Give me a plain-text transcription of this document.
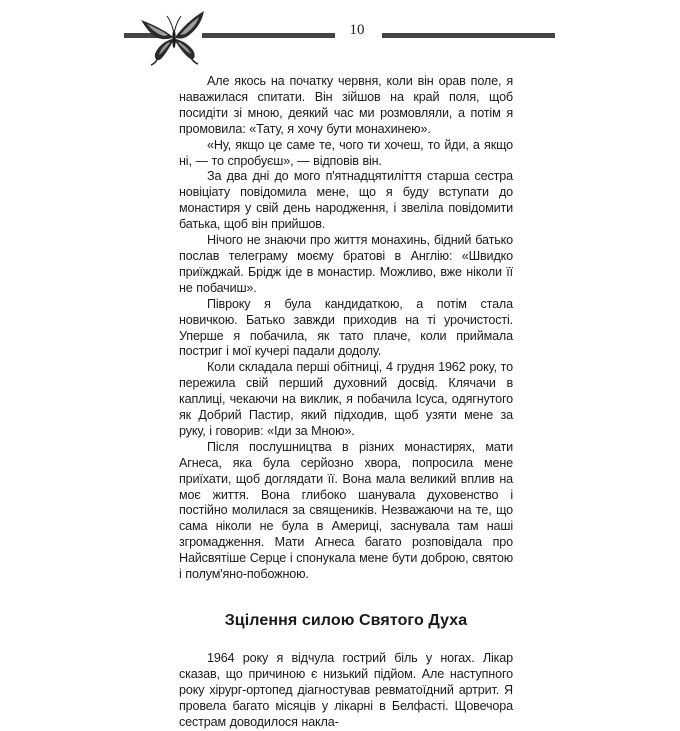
10

Але якось на початку червня, коли він орав поле, я наважилася спитати. Він зійшов на край поля, щоб посидіти зі мною, деякий час ми розмовляли, а потім я промовила: «Тату, я хочу бути монахинею».

«Ну, якщо це саме те, чого ти хочеш, то йди, а якщо ні, — то спробуєш», — відповів він.

За два дні до мого п'ятнадцятиліття старша сестра новіціату повідомила мене, що я буду вступати до монастиря у свій день народження, і звеліла повідомити батька, щоб він прийшов.

Нічого не знаючи про життя монахинь, бідний батько послав телеграму моєму братові в Англію: «Швидко приїжджай. Брідж іде в монастир. Можливо, вже ніколи її не побачиш».

Півроку я була кандидаткою, а потім стала новичкою. Батько завжди приходив на ті урочистості. Уперше я побачила, як тато плаче, коли приймала постриг і мої кучері падали додолу.

Коли складала перші обітниці, 4 грудня 1962 року, то пережила свій перший духовний досвід. Клячачи в каплиці, чекаючи на виклик, я побачила Ісуса, одягнутого як Добрий Пастир, який підходив, щоб узяти мене за руку, і говорив: «Іди за Мною».

Після послушництва в різних монастирях, мати Агнеса, яка була серйозно хвора, попросила мене приїхати, щоб доглядати її. Вона мала великий вплив на моє життя. Вона глибоко шанувала духовенство і постійно молилася за священиків. Незважаючи на те, що сама ніколи не була в Америці, заснувала там наші згромадження. Мати Агнеса багато розповідала про Найсвятіше Серце і спонукала мене бути доброю, святою і полум'яно-побожною.

Зцілення силою Святого Духа

1964 року я відчула гострий біль у ногах. Лікар сказав, що причиною є низький підйом. Але наступного року хірург-ортопед діагностував ревматоїдний артрит. Я провела багато місяців у лікарні в Белфасті. Щовечора сестрам доводилося накла-
